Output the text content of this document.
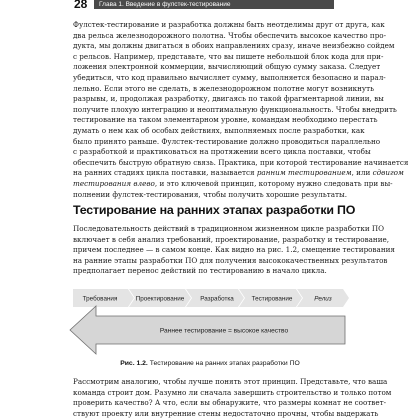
28 Глава 1. Введение в фулстек-тестирование
Фулстек-тестирование и разработка должны быть неотделимы друг от друга, как
два рельса железнодорожного полотна. Чтобы обеспечить высокое качество про-
дукта, мы должны двигаться в обоих направлениях сразу, иначе неизбежно сойдем
с рельсов. Например, представьте, что вы пишете небольшой блок кода для при-
ложения электронной коммерции, вычисляющий общую сумму заказа. Следует
убедиться, что код правильно вычисляет сумму, выполняется безопасно и парал-
лельно. Если этого не сделать, в железнодорожном полотне могут возникнуть
разрывы, и, продолжая разработку, двигаясь по такой фрагментарной линии, вы
получите плохую интеграцию и неоптимальную функциональность. Чтобы внедрить
тестирование на таком элементарном уровне, командам необходимо перестать
думать о нем как об особых действиях, выполняемых после разработки, как
было принято раньше. Фулстек-тестирование должно проводиться параллельно
с разработкой и практиковаться на протяжении всего цикла поставки, чтобы
обеспечить быструю обратную связь. Практика, при которой тестирование начинается
на ранних стадиях цикла поставки, называется ранним тестированием, или сдвигом
тестирования влево, и это ключевой принцип, которому нужно следовать при вы-
полнении фулстек-тестирования, чтобы получить хорошие результаты.
Тестирование на ранних этапах разработки ПО
Последовательность действий в традиционном жизненном цикле разработки ПО
включает в себя анализ требований, проектирование, разработку и тестирование,
причем последнее — в самом конце. Как видно на рис. 1.2, смещение тестирования
на ранние этапы разработки ПО для получения высококачественных результатов
предполагает перенос действий по тестированию в начало цикла.
Требования	Проектирование	Разработка	Тестирование	Релиз
Раннее тестирование = высокое качество
Рис. 1.2. Тестирование на ранних этапах разработки ПО
Рассмотрим аналогию, чтобы лучше понять этот принцип. Представьте, что ваша
команда строит дом. Разумно ли сначала завершить строительство и только потом
проверить качество? А что, если вы обнаружите, что размеры комнат не соответ-
ствуют проекту или внутренние стены недостаточно прочны, чтобы выдержать
